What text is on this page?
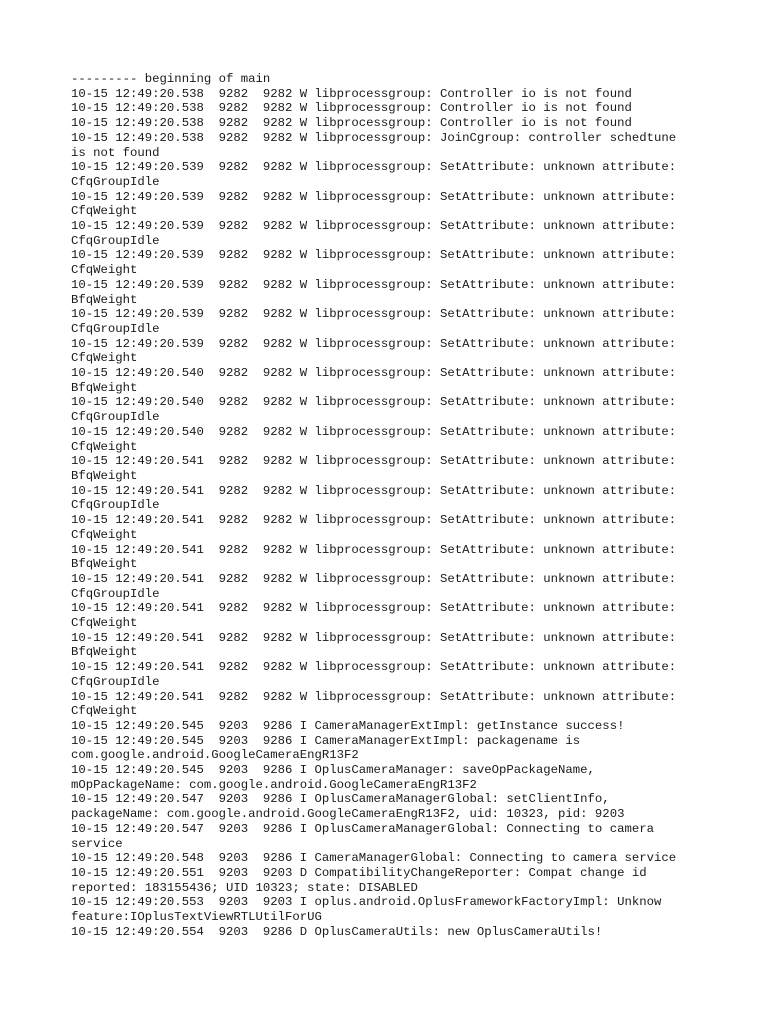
--------- beginning of main
10-15 12:49:20.538  9282  9282 W libprocessgroup: Controller io is not found
10-15 12:49:20.538  9282  9282 W libprocessgroup: Controller io is not found
10-15 12:49:20.538  9282  9282 W libprocessgroup: Controller io is not found
10-15 12:49:20.538  9282  9282 W libprocessgroup: JoinCgroup: controller schedtune
is not found
10-15 12:49:20.539  9282  9282 W libprocessgroup: SetAttribute: unknown attribute:
CfqGroupIdle
10-15 12:49:20.539  9282  9282 W libprocessgroup: SetAttribute: unknown attribute:
CfqWeight
10-15 12:49:20.539  9282  9282 W libprocessgroup: SetAttribute: unknown attribute:
CfqGroupIdle
10-15 12:49:20.539  9282  9282 W libprocessgroup: SetAttribute: unknown attribute:
CfqWeight
10-15 12:49:20.539  9282  9282 W libprocessgroup: SetAttribute: unknown attribute:
BfqWeight
10-15 12:49:20.539  9282  9282 W libprocessgroup: SetAttribute: unknown attribute:
CfqGroupIdle
10-15 12:49:20.539  9282  9282 W libprocessgroup: SetAttribute: unknown attribute:
CfqWeight
10-15 12:49:20.540  9282  9282 W libprocessgroup: SetAttribute: unknown attribute:
BfqWeight
10-15 12:49:20.540  9282  9282 W libprocessgroup: SetAttribute: unknown attribute:
CfqGroupIdle
10-15 12:49:20.540  9282  9282 W libprocessgroup: SetAttribute: unknown attribute:
CfqWeight
10-15 12:49:20.541  9282  9282 W libprocessgroup: SetAttribute: unknown attribute:
BfqWeight
10-15 12:49:20.541  9282  9282 W libprocessgroup: SetAttribute: unknown attribute:
CfqGroupIdle
10-15 12:49:20.541  9282  9282 W libprocessgroup: SetAttribute: unknown attribute:
CfqWeight
10-15 12:49:20.541  9282  9282 W libprocessgroup: SetAttribute: unknown attribute:
BfqWeight
10-15 12:49:20.541  9282  9282 W libprocessgroup: SetAttribute: unknown attribute:
CfqGroupIdle
10-15 12:49:20.541  9282  9282 W libprocessgroup: SetAttribute: unknown attribute:
CfqWeight
10-15 12:49:20.541  9282  9282 W libprocessgroup: SetAttribute: unknown attribute:
BfqWeight
10-15 12:49:20.541  9282  9282 W libprocessgroup: SetAttribute: unknown attribute:
CfqGroupIdle
10-15 12:49:20.541  9282  9282 W libprocessgroup: SetAttribute: unknown attribute:
CfqWeight
10-15 12:49:20.545  9203  9286 I CameraManagerExtImpl: getInstance success!
10-15 12:49:20.545  9203  9286 I CameraManagerExtImpl: packagename is
com.google.android.GoogleCameraEngR13F2
10-15 12:49:20.545  9203  9286 I OplusCameraManager: saveOpPackageName,
mOpPackageName: com.google.android.GoogleCameraEngR13F2
10-15 12:49:20.547  9203  9286 I OplusCameraManagerGlobal: setClientInfo,
packageName: com.google.android.GoogleCameraEngR13F2, uid: 10323, pid: 9203
10-15 12:49:20.547  9203  9286 I OplusCameraManagerGlobal: Connecting to camera
service
10-15 12:49:20.548  9203  9286 I CameraManagerGlobal: Connecting to camera service
10-15 12:49:20.551  9203  9203 D CompatibilityChangeReporter: Compat change id
reported: 183155436; UID 10323; state: DISABLED
10-15 12:49:20.553  9203  9203 I oplus.android.OplusFrameworkFactoryImpl: Unknow
feature:IOplusTextViewRTLUtilForUG
10-15 12:49:20.554  9203  9286 D OplusCameraUtils: new OplusCameraUtils!
